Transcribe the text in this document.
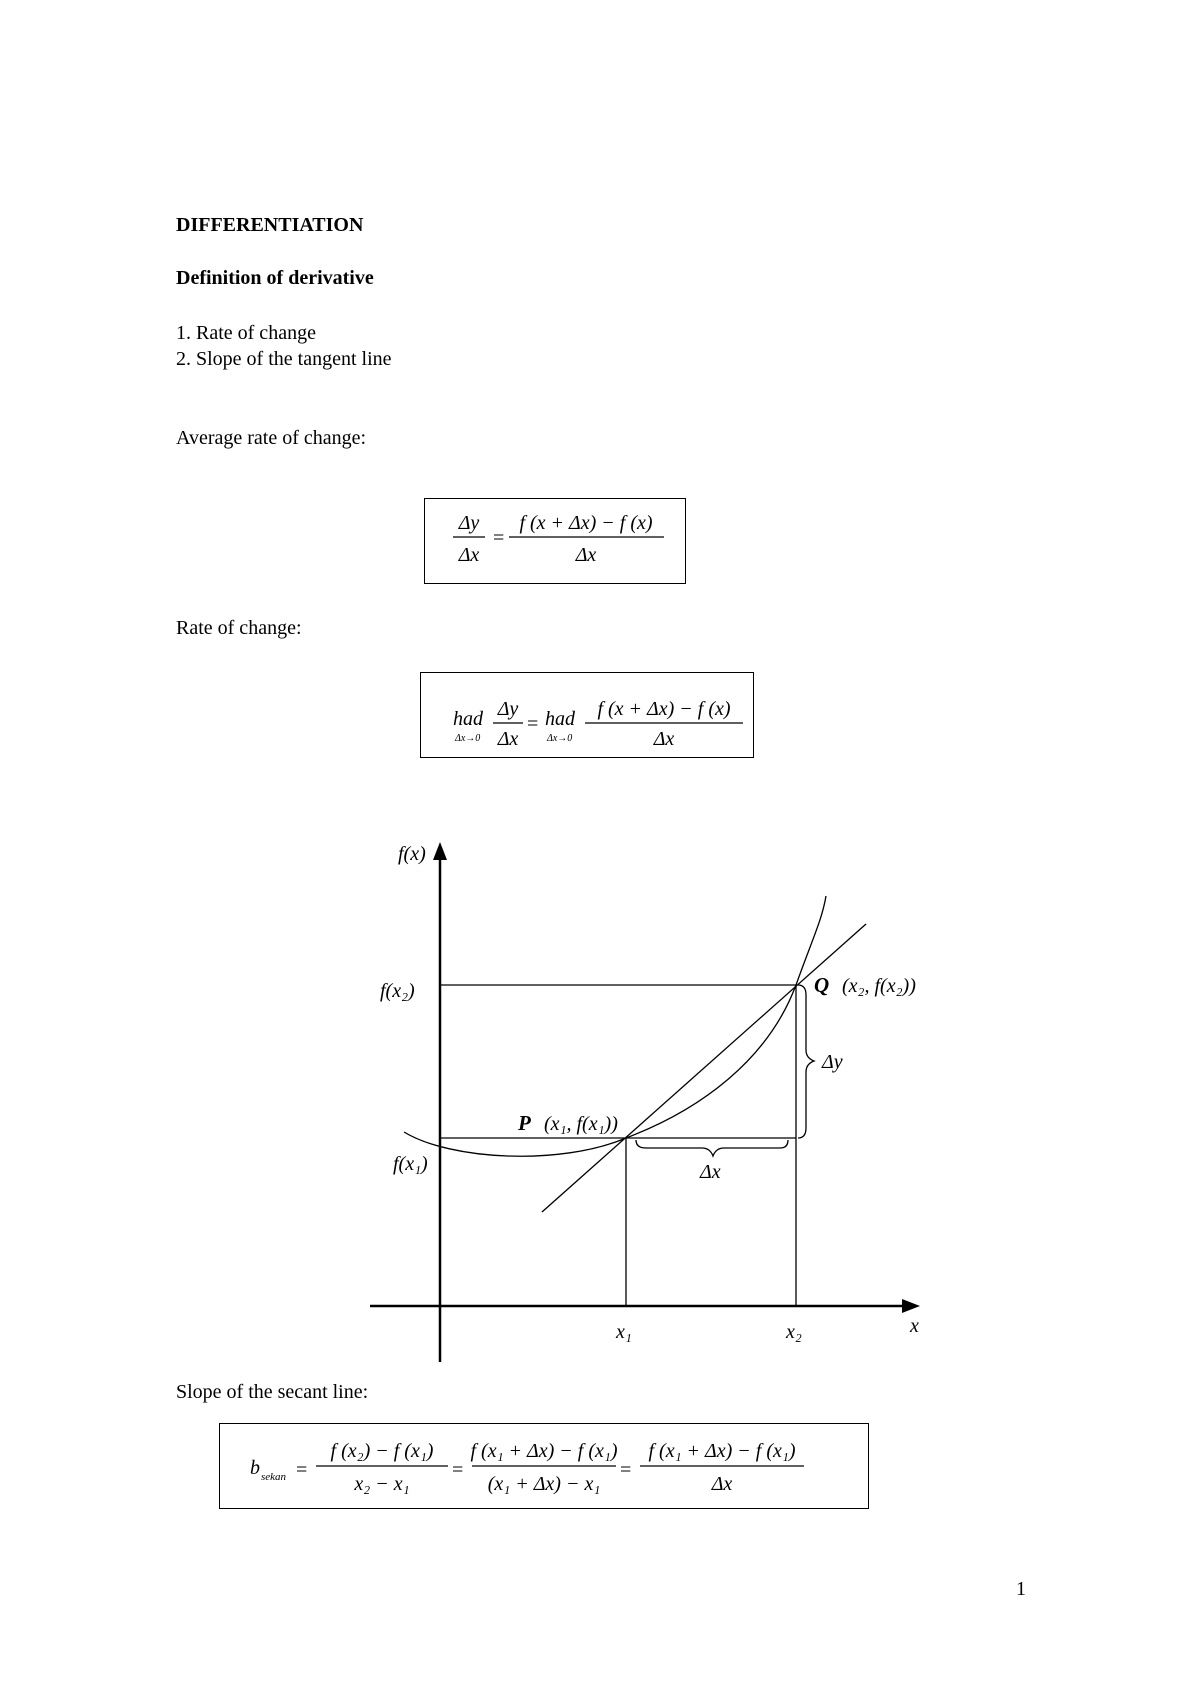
DIFFERENTIATION
Definition of derivative
1. Rate of change
2. Slope of the tangent line
Average rate of change:
Rate of change:
Slope of the secant line:
1
Δy
Δx
=
f (x + Δx) − f (x)
Δx
had
Δx→0
Δy
Δx
= had
Δx→0
f (x + Δx) − f (x)
Δx
f(x)
f(x₂)
f(x₁)
x₁	x₂	x
P (x₁, f(x₁))
Q (x₂, f(x₂))
Δy
Δx
b sekan =
f (x₂) − f (x₁)
x₂ − x₁
=
f (x₁ + Δx) − f (x₁)
(x₁ + Δx) − x₁
=
f (x₁ + Δx) − f (x₁)
Δx
